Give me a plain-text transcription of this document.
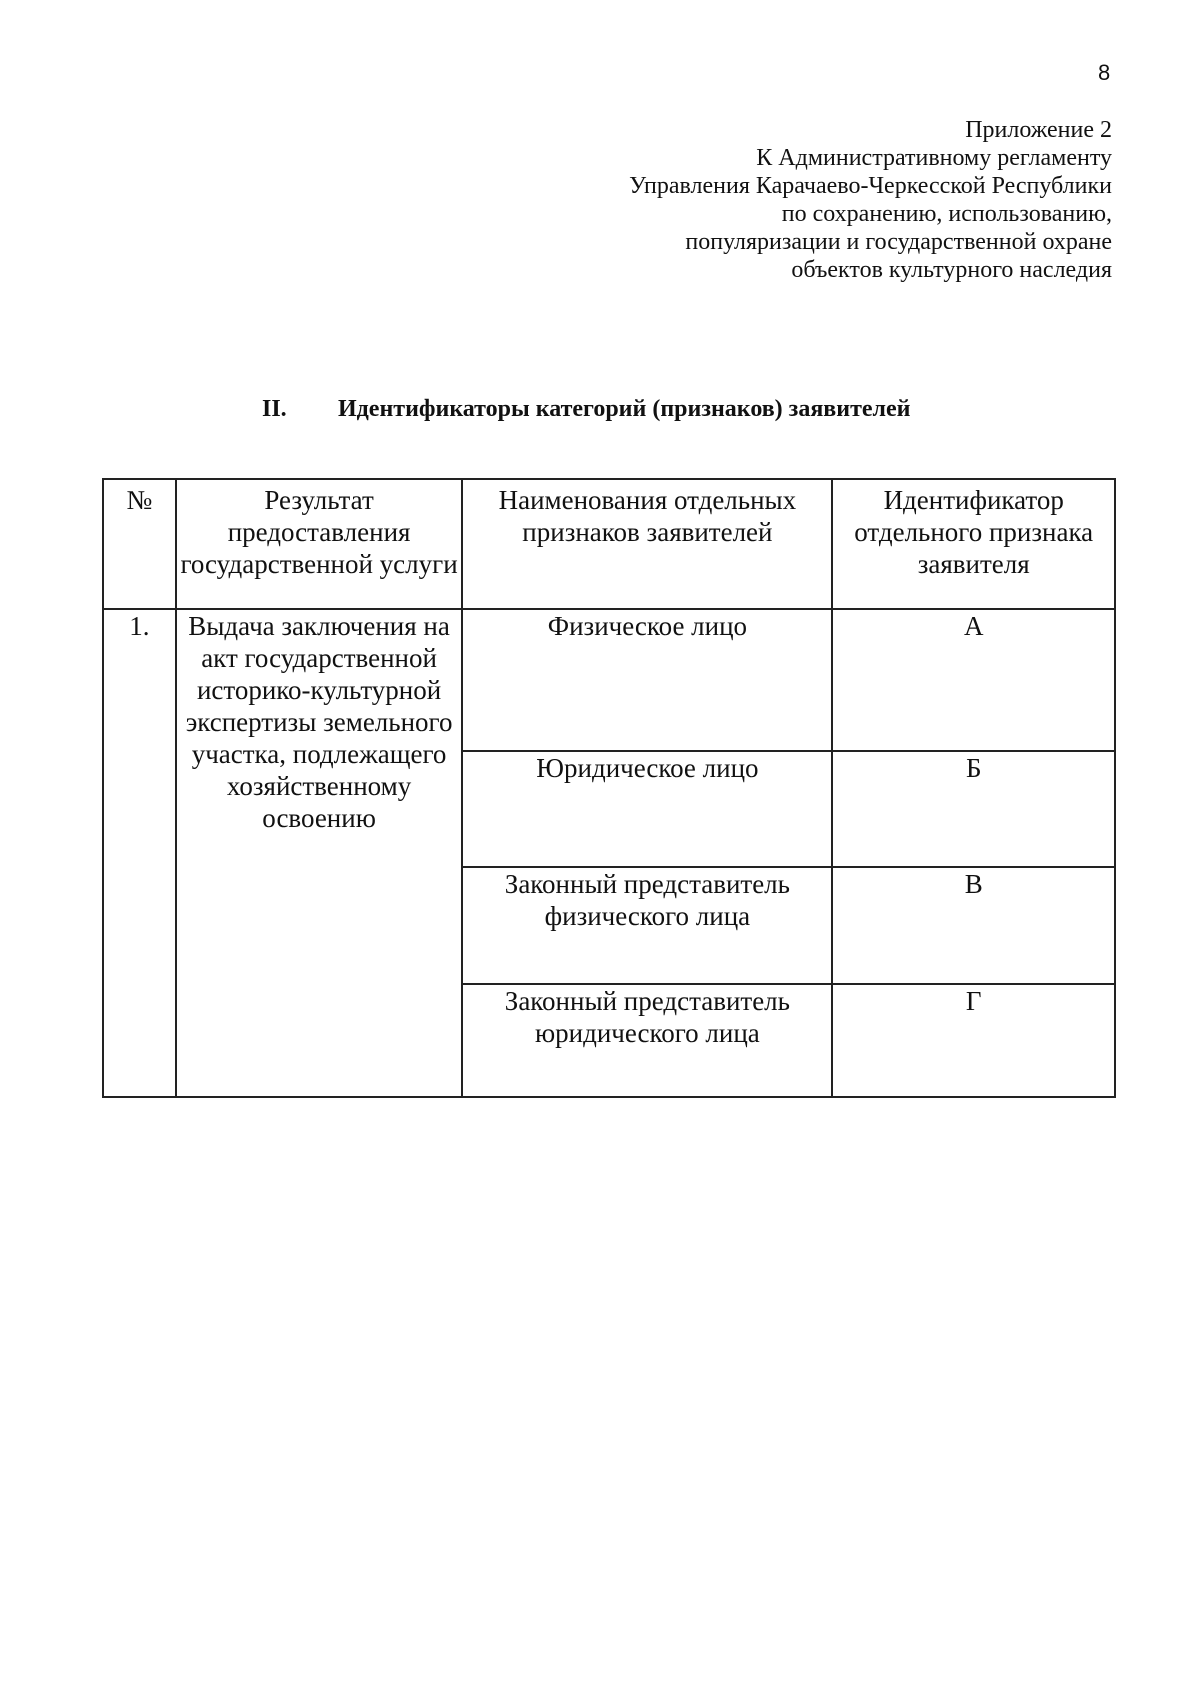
8
Приложение 2
К Административному регламенту
Управления Карачаево-Черкесской Республики
по сохранению, использованию,
популяризации и государственной охране
объектов культурного наследия
II. Идентификаторы категорий (признаков) заявителей
№	Результат предоставления государственной услуги	Наименования отдельных признаков заявителей	Идентификатор отдельного признака заявителя
1.	Выдача заключения на акт государственной историко-культурной экспертизы земельного участка, подлежащего хозяйственному освоению	Физическое лицо	А
		Юридическое лицо	Б
		Законный представитель физического лица	В
		Законный представитель юридического лица	Г
